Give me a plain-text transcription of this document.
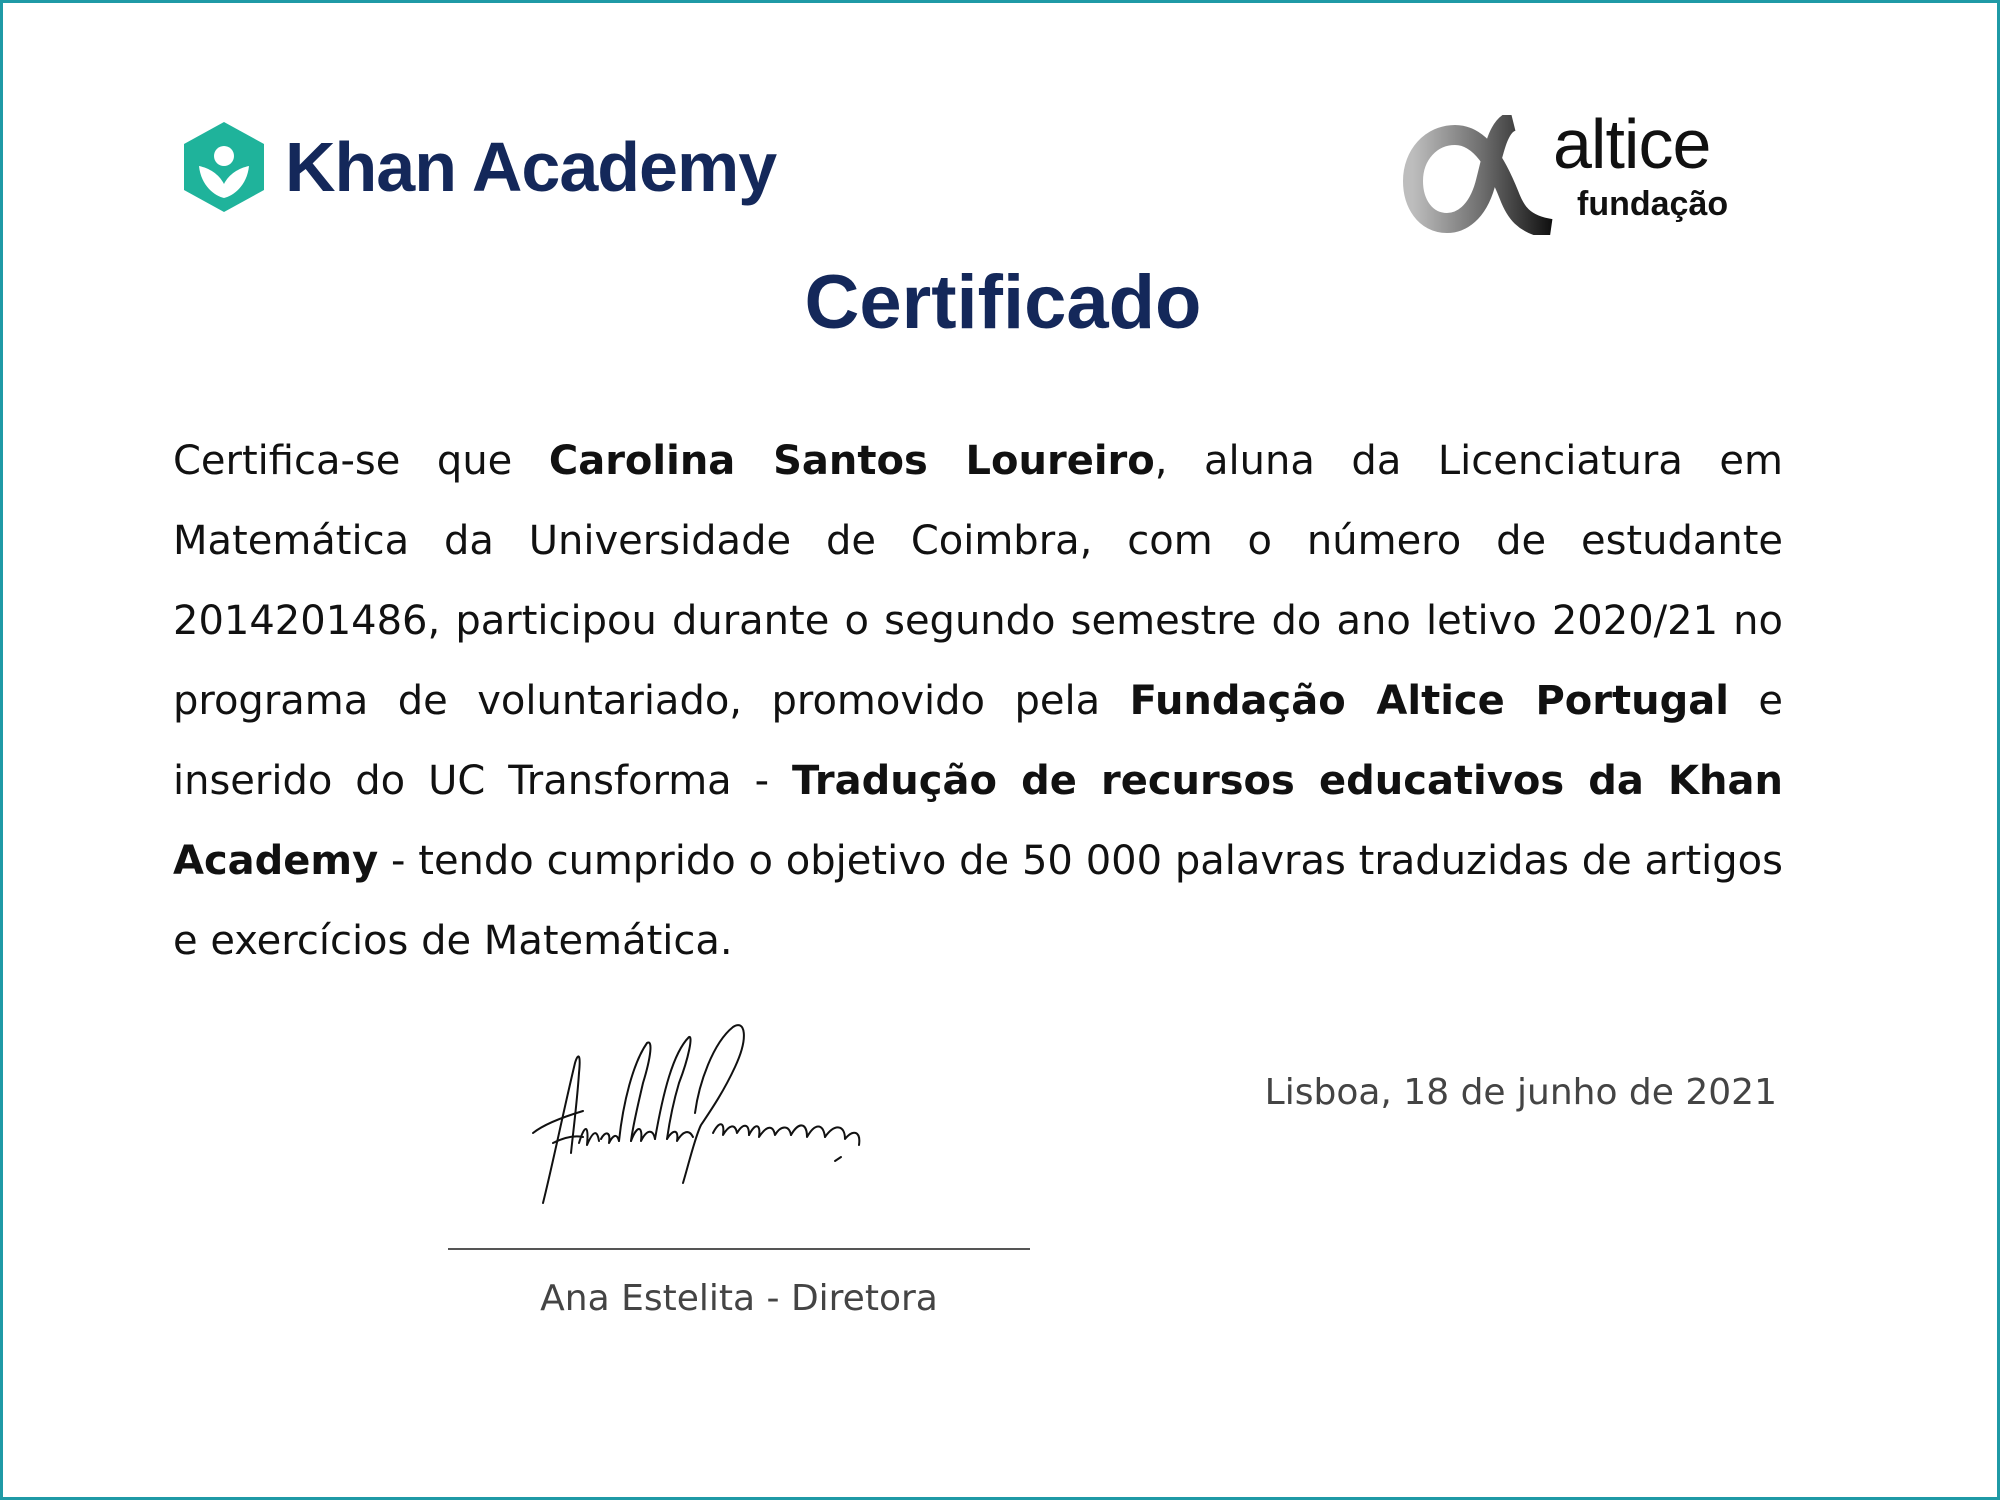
Khan Academy	altice
fundação
Certificado

Certifica-se que Carolina Santos Loureiro, aluna da Licenciatura em Matemática da Universidade de Coimbra, com o número de estudante 2014201486, participou durante o segundo semestre do ano letivo 2020/21 no programa de voluntariado, promovido pela Fundação Altice Portugal e inserido do UC Transforma - Tradução de recursos educativos da Khan Academy - tendo cumprido o objetivo de 50 000 palavras traduzidas de artigos e exercícios de Matemática.

Ana Estelita - Diretora
Lisboa, 18 de junho de 2021
